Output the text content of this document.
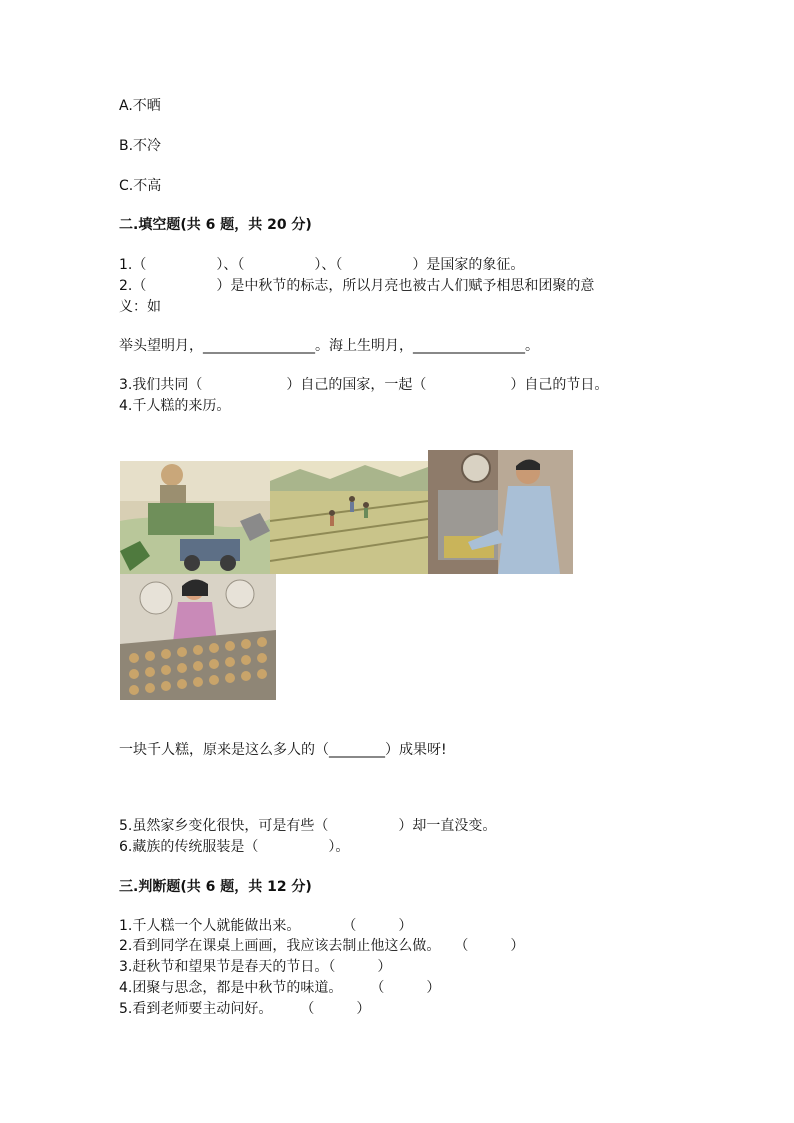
A.不晒
B.不冷
C.不高
二.填空题(共 6 题，共 20 分)
1.（　　　　　）、（　　　　　）、（　　　　　）是国家的象征。
2.（　　　　　）是中秋节的标志，所以月亮也被古人们赋予相思和团聚的意
义：如
举头望明月，________________。海上生明月，________________。
3.我们共同（　　　　　　）自己的国家，一起（　　　　　　）自己的节日。
4.千人糕的来历。
一块千人糕，原来是这么多人的（________）成果呀!
5.虽然家乡变化很快，可是有些（　　　　　）却一直没变。
6.藏族的传统服装是（　　　　　）。
三.判断题(共 6 题，共 12 分)
1.千人糕一个人就能做出来。　　　　（　　　）
2.看到同学在课桌上画画，我应该去制止他这么做。　　（　　　）
3.赶秋节和望果节是春天的节日。（　　　）
4.团聚与思念，都是中秋节的味道。　　　（　　　）
5.看到老师要主动问好。　　　（　　　）
